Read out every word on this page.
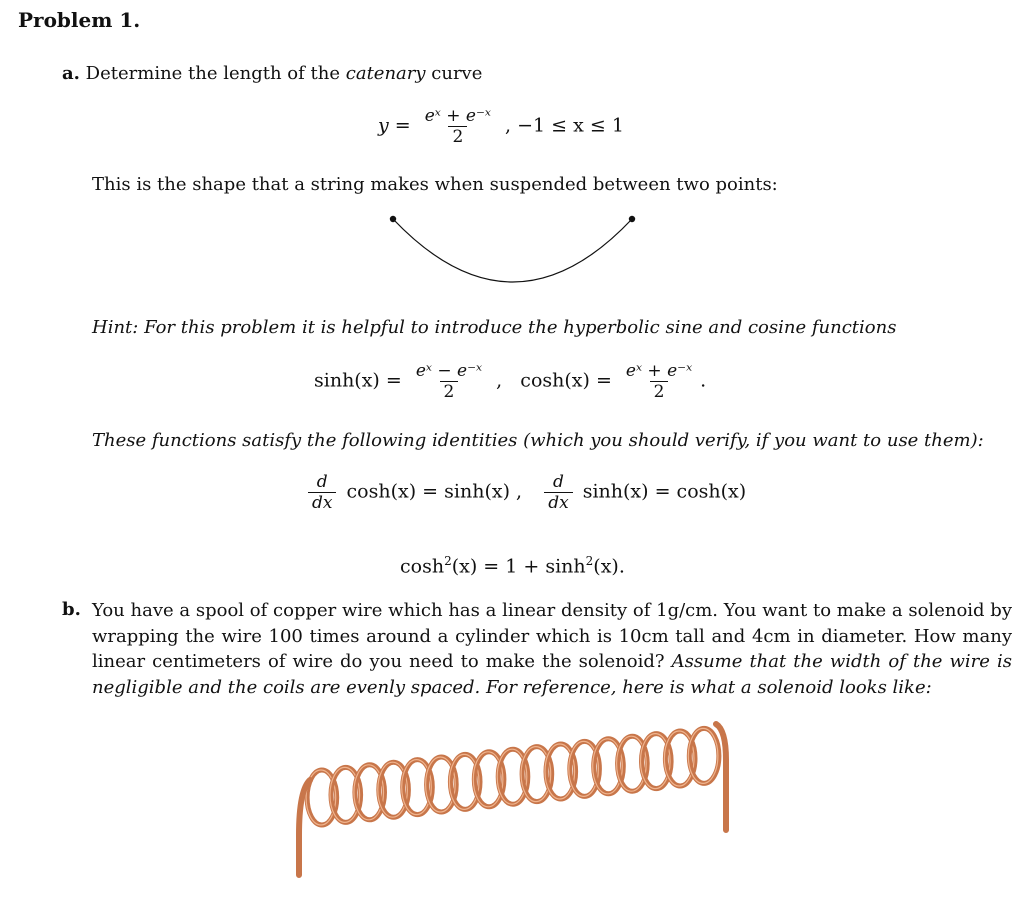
Problem 1.
a. Determine the length of the catenary curve
$y = \frac{\text{eˣ + e⁻ˣ}}{2}$ , −1 ≤ x ≤ 1
This is the shape that a string makes when suspended between two points:
Hint: For this problem it is helpful to introduce the hyperbolic sine and cosine functions
$\sinh(x) = \frac{\text{eˣ − e⁻ˣ}}{2}$ , $\cosh(x) = \frac{\text{eˣ + e⁻ˣ}}{2}$ .
These functions satisfy the following identities (which you should verify, if you want to use them):
$\frac{d}{dx} \cosh(x) = \sinh(x)$ , $\frac{d}{dx} \sinh(x) = \cosh(x)$
$\cosh^2(x) = 1 + \sinh^2(x)$.
b. You have a spool of copper wire which has a linear density of 1g/cm. You want to make a solenoid by wrapping the wire 100 times around a cylinder which is 10cm tall and 4cm in diameter. How many linear centimeters of wire do you need to make the solenoid? Assume that the width of the wire is negligible and the coils are evenly spaced. For reference, here is what a solenoid looks like:
